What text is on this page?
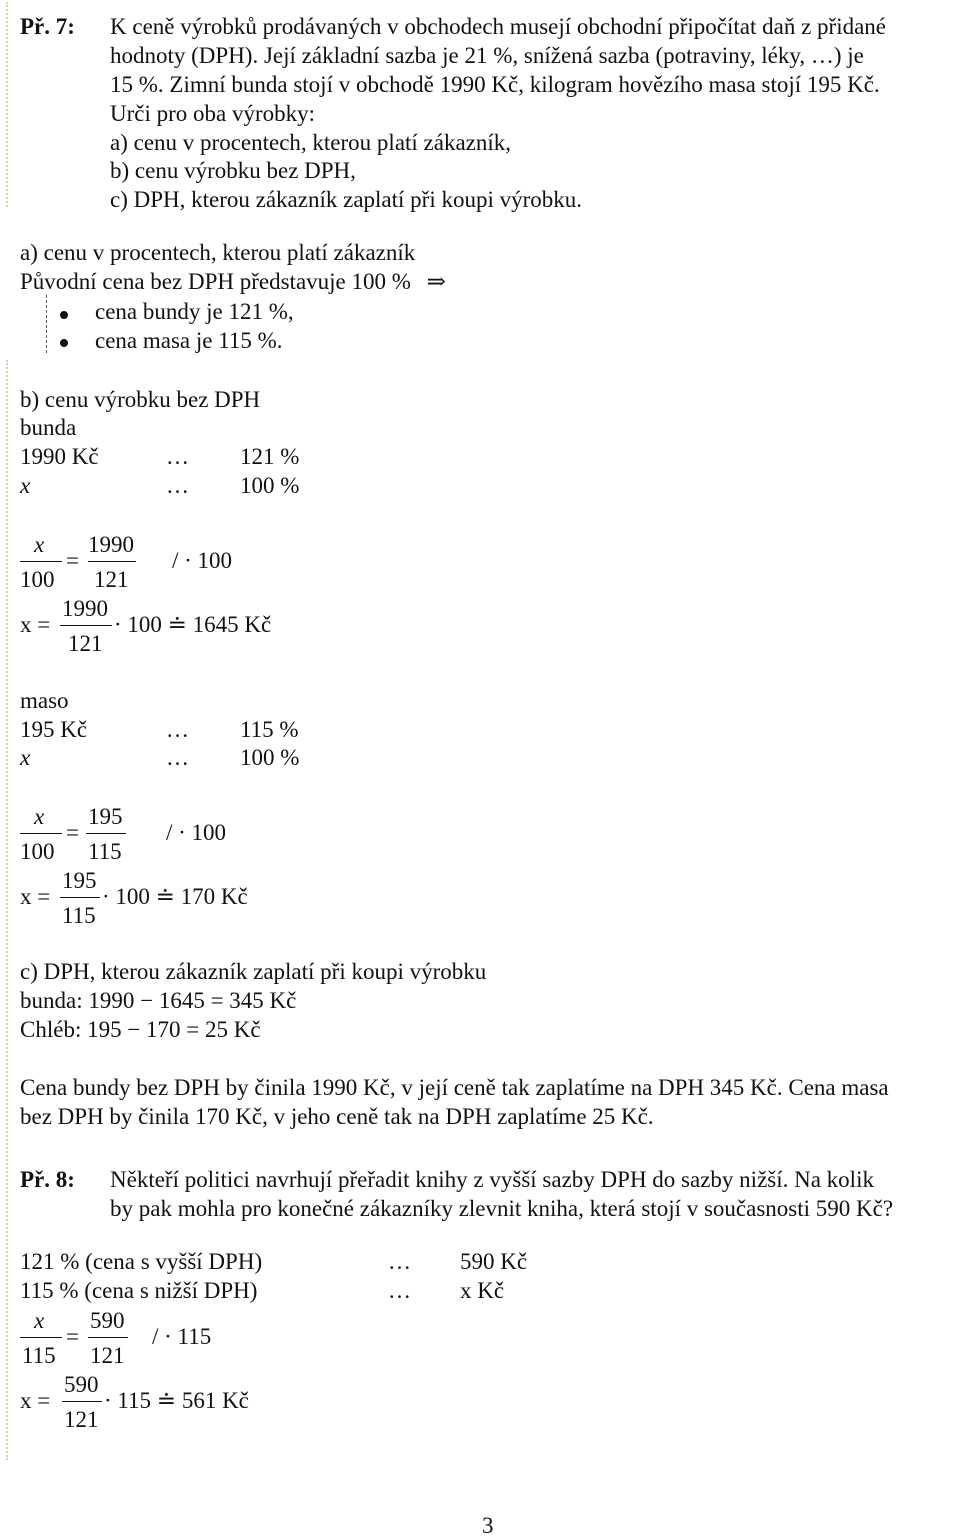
Př. 7: K ceně výrobků prodávaných v obchodech musejí obchodní připočítat daň z přidané
hodnoty (DPH). Její základní sazba je 21 %, snížená sazba (potraviny, léky, …) je
15 %. Zimní bunda stojí v obchodě 1990 Kč, kilogram hovězího masa stojí 195 Kč.
Urči pro oba výrobky:
a) cenu v procentech, kterou platí zákazník,
b) cenu výrobku bez DPH,
c) DPH, kterou zákazník zaplatí při koupi výrobku.
a) cenu v procentech, kterou platí zákazník
Původní cena bez DPH představuje 100 % ⇒
cena bundy je 121 %,
cena masa je 115 %.
b) cenu výrobku bez DPH
bunda
1990 Kč	… 121 %
x	… 100 %
x
100
=
1990
121
/ · 100
x =
1990
121
· 100 ≐ 1645 Kč
maso
195 Kč	… 115 %
x	… 100 %
x
100
=
195
115
/ · 100
x =
195
115
· 100 ≐ 170 Kč
c) DPH, kterou zákazník zaplatí při koupi výrobku
bunda: 1990 − 1645 = 345 Kč
Chléb: 195 − 170 = 25 Kč
Cena bundy bez DPH by činila 1990 Kč, v její ceně tak zaplatíme na DPH 345 Kč. Cena masa
bez DPH by činila 170 Kč, v jeho ceně tak na DPH zaplatíme 25 Kč.
Př. 8: Někteří politici navrhují přeřadit knihy z vyšší sazby DPH do sazby nižší. Na kolik
by pak mohla pro konečné zákazníky zlevnit kniha, která stojí v současnosti 590 Kč?
121 % (cena s vyšší DPH)	… 590 Kč
115 % (cena s nižší DPH)	… x Kč
x
115
=
590
121
/ · 115
x =
590
121
· 115 ≐ 561 Kč
3
